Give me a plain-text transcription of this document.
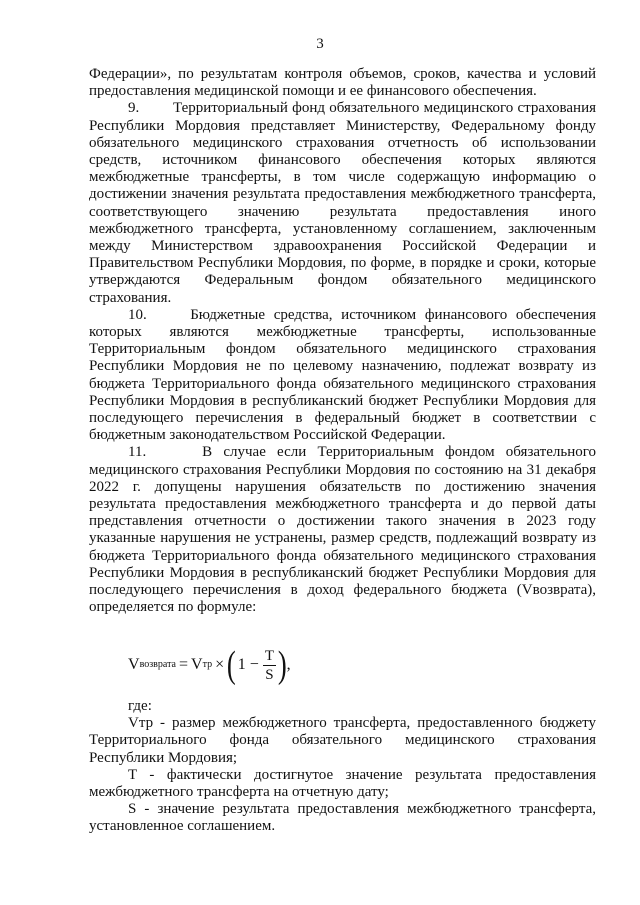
3

Федерации», по результатам контроля объемов, сроков, качества и условий предоставления медицинской помощи и ее финансового обеспечения.

9.        Территориальный фонд обязательного медицинского страхования Республики Мордовия представляет Министерству, Федеральному фонду обязательного медицинского страхования отчетность об использовании средств, источником финансового обеспечения которых являются межбюджетные трансферты, в том числе содержащую информацию о достижении значения результата предоставления межбюджетного трансферта, соответствующего значению результата предоставления иного межбюджетного трансферта, установленному соглашением, заключенным между Министерством здравоохранения Российской Федерации и Правительством Республики Мордовия, по форме, в порядке и сроки, которые утверждаются Федеральным фондом обязательного медицинского страхования.

10.     Бюджетные средства, источником финансового обеспечения которых являются межбюджетные трансферты, использованные Территориальным фондом обязательного медицинского страхования Республики Мордовия не по целевому назначению, подлежат возврату из бюджета Территориального фонда обязательного медицинского страхования Республики Мордовия в республиканский бюджет Республики Мордовия для последующего перечисления в федеральный бюджет в соответствии с бюджетным законодательством Российской Федерации.

11.     В случае если Территориальным фондом обязательного медицинского страхования Республики Мордовия по состоянию на 31 декабря 2022 г. допущены нарушения обязательств по достижению значения результата предоставления межбюджетного трансферта и до первой даты представления отчетности о достижении такого значения в 2023 году указанные нарушения не устранены, размер средств, подлежащий возврату из бюджета Территориального фонда обязательного медицинского страхования Республики Мордовия в республиканский бюджет Республики Мордовия для последующего перечисления в доход федерального бюджета (Vвозврата), определяется по формуле:

V возврата = V тр × ( $1 - \frac{T}{S}$ ) ,

где:

Vтр - размер межбюджетного трансферта, предоставленного бюджету Территориального фонда обязательного медицинского страхования Республики Мордовия;

T - фактически достигнутое значение результата предоставления межбюджетного трансферта на отчетную дату;

S - значение результата предоставления межбюджетного трансферта, установленное соглашением.
